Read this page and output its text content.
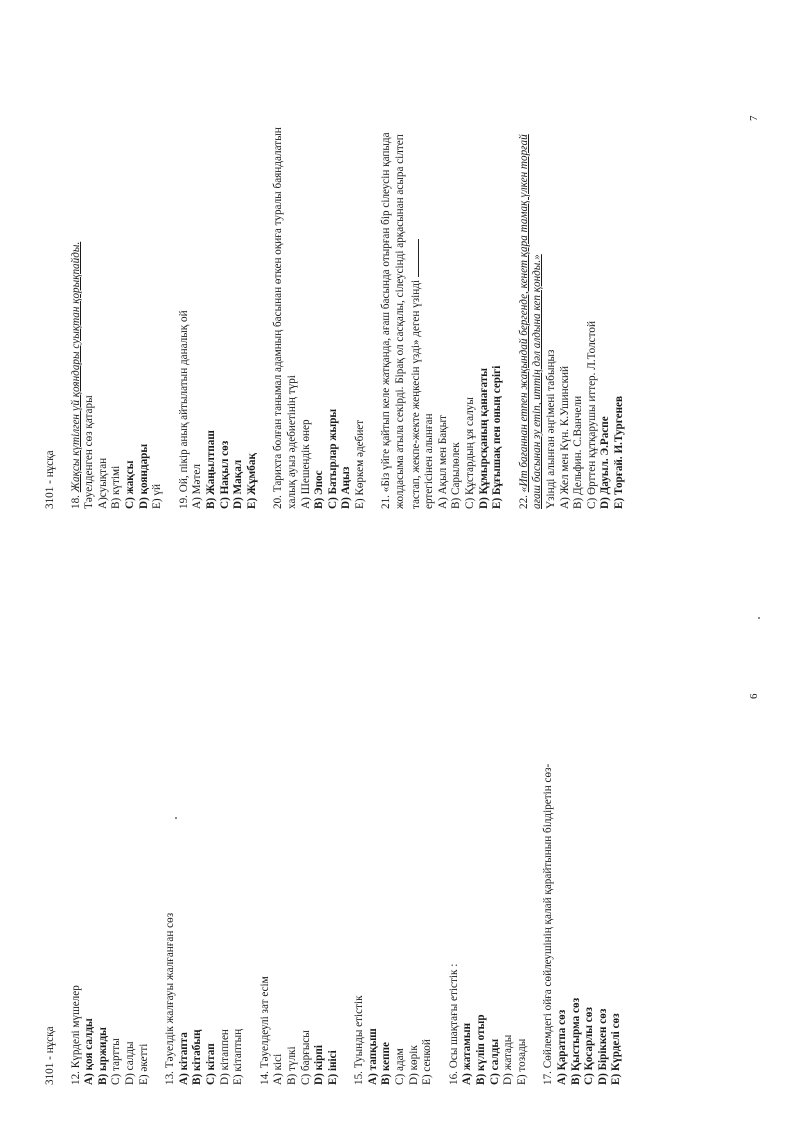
3101 - нұсқа 12. Күрделі мүшелер A) қоя салды B) ыржиды C) тартты D) салды E) әкетті 13. Тәуелдік жалғауы жалғанған сөз A) кітапта B) кітабың C) кітап D) кітаппен E) кітаптың 14. Тәуелдеулі зат есім A) кісі B) түлкі C) барғысы D) кірпі E) інісі 15. Туынды етістік A) тапқыш B) кеппе C) адам D) көрік E) сенкой 16. Осы шақтағы етістік : A) жатамын B) күліп отыр C) салды D) жатады E) тозады 17. Сөйлемдегі ойға сөйлеушінің қалай қарайтынын білдіретін сөз- A) Қаратпа сөз B) Қыстырма сөз C) Қосарлы сөз D) Біріккен сөз E) Күрделі сөз

6
3101 - нұсқа 18. Жақсы күтілген үй қояндары суықтан қорықпайды. Тәуелденген сөз қатары A)суықтан B) күтімі C) жақсы D) қояндары E) үй 19. Ой, пікір анық айтылатын даналық ой A) Мәтел B) Жаңылтпаш C) Нақыл сөз D) Мақал E) Жұмбақ 20. Тарихта болған танымал адамның басынан өткен оқиға туралы баяндалатын халық ауыз әдебиетінің түрі A) Шешендік өнер B) Эпос C) Батырлар жыры D) Аңыз E) Көркем әдебиет 21. «Біз үйге қайтып келе жатқанда, ағаш басында отырған бір сілеусін қапыда жолдасыма атыла секірді. Бірақ ол сасқалы, сілеусінді арқасынан асыра сілтеп тастап, жекпе-жекте жеңкесін үзді» деген үзінді ертегісінен алынған A) Ақыл мен Бақыт B) Сарылөлек C) Құстардың ұя салуы D) Құмырсқаның қанағаты E) Бұғышақ пен оның серігі 22. «Ит бағаннан етпен жақындай бергенде, кенет қара тамақ үлкен торғай ағаш басынан зу етіп, иттің дәл алдына кеп қонды.» Үзінді алынған әңгімені табыңыз A) Жел мен Күн. К.Ушинский B) Дельфин. С.Ванчели C) Өрттен құтқарушы иттер. Л.Толстой D) Дауыл. Э.Распе E) Торғай. И.Тургенев

7
